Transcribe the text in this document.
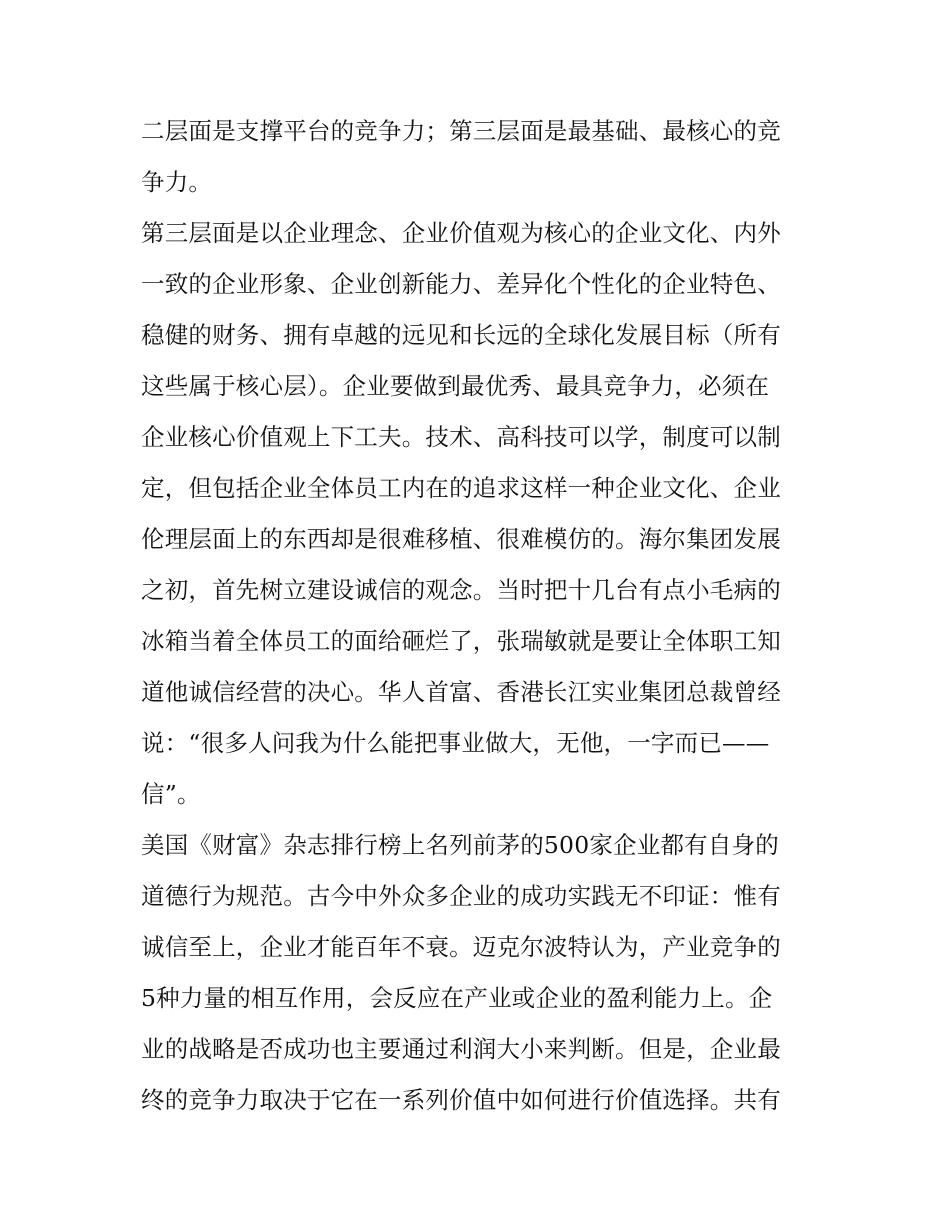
二层面是支撑平台的竞争力；第三层面是最基础、最核心的竞
争力。
第三层面是以企业理念、企业价值观为核心的企业文化、内外
一致的企业形象、企业创新能力、差异化个性化的企业特色、
稳健的财务、拥有卓越的远见和长远的全球化发展目标（所有
这些属于核心层）。企业要做到最优秀、最具竞争力，必须在
企业核心价值观上下工夫。技术、高科技可以学，制度可以制
定，但包括企业全体员工内在的追求这样一种企业文化、企业
伦理层面上的东西却是很难移植、很难模仿的。海尔集团发展
之初，首先树立建设诚信的观念。当时把十几台有点小毛病的
冰箱当着全体员工的面给砸烂了，张瑞敏就是要让全体职工知
道他诚信经营的决心。华人首富、香港长江实业集团总裁曾经
说：“很多人问我为什么能把事业做大，无他，一字而已——
信”。
美国《财富》杂志排行榜上名列前茅的500家企业都有自身的
道德行为规范。古今中外众多企业的成功实践无不印证：惟有
诚信至上，企业才能百年不衰。迈克尔波特认为，产业竞争的
5种力量的相互作用，会反应在产业或企业的盈利能力上。企
业的战略是否成功也主要通过利润大小来判断。但是，企业最
终的竞争力取决于它在一系列价值中如何进行价值选择。共有
